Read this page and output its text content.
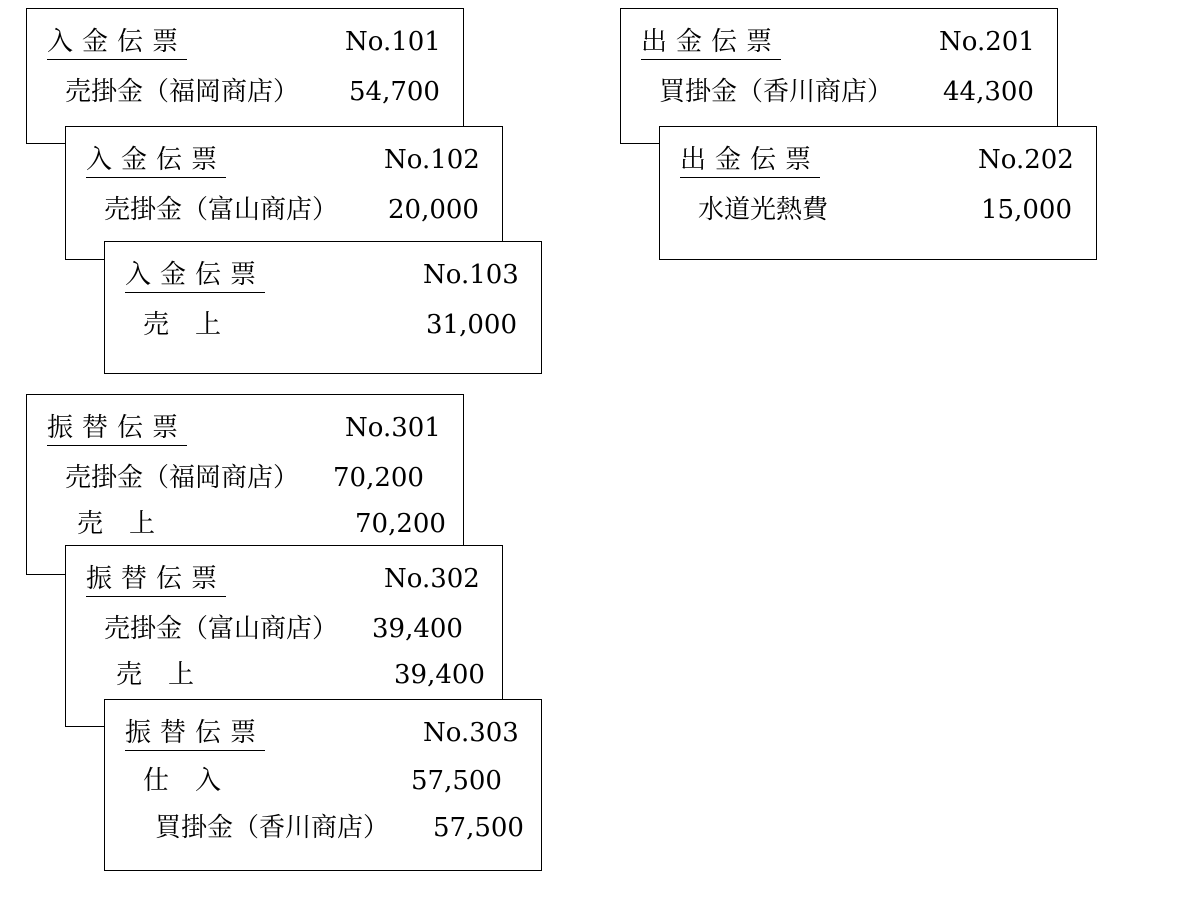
入金伝票	No.101
売掛金（福岡商店） 54,700
入金伝票	No.102
売掛金（富山商店） 20,000
入金伝票	No.103
売　上	31,000
出金伝票	No.201
買掛金（香川商店） 44,300
出金伝票	No.202
水道光熱費	15,000
振替伝票	No.301
売掛金（福岡商店） 70,200
売　上	70,200
振替伝票	No.302
売掛金（富山商店） 39,400
売　上	39,400
振替伝票	No.303
仕　入	57,500
買掛金（香川商店） 57,500
